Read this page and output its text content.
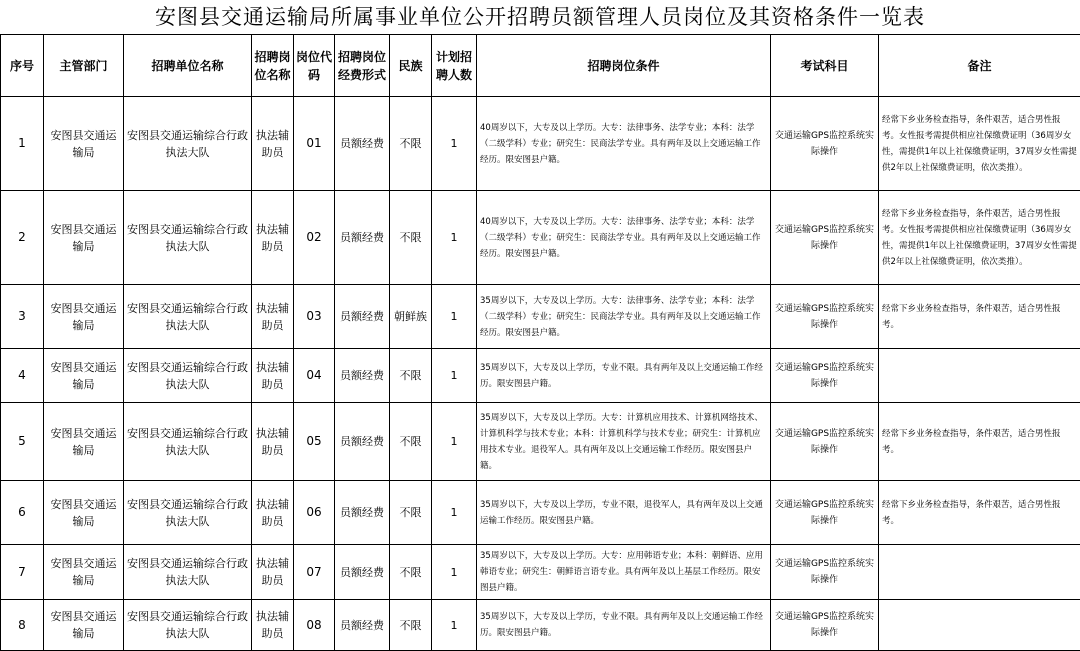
安图县交通运输局所属事业单位公开招聘员额管理人员岗位及其资格条件一览表
序号	主管部门	招聘单位名称	招聘岗位名称	岗位代码	招聘岗位经费形式	民族	计划招聘人数	招聘岗位条件	考试科目	备注
1	安图县交通运输局	安图县交通运输综合行政执法大队	执法辅助员	01	员额经费	不限	1	40周岁以下，大专及以上学历。大专：法律事务、法学专业；本科：法学（二级学科）专业；研究生：民商法学专业。具有两年及以上交通运输工作经历。限安图县户籍。	交通运输GPS监控系统实际操作	经常下乡业务检查指导，条件艰苦，适合男性报考。女性报考需提供相应社保缴费证明（36周岁女性，需提供1年以上社保缴费证明，37周岁女性需提供2年以上社保缴费证明，依次类推）。
2	安图县交通运输局	安图县交通运输综合行政执法大队	执法辅助员	02	员额经费	不限	1	40周岁以下，大专及以上学历。大专：法律事务、法学专业；本科：法学（二级学科）专业；研究生：民商法学专业。具有两年及以上交通运输工作经历。限安图县户籍。	交通运输GPS监控系统实际操作	经常下乡业务检查指导，条件艰苦，适合男性报考。女性报考需提供相应社保缴费证明（36周岁女性，需提供1年以上社保缴费证明，37周岁女性需提供2年以上社保缴费证明，依次类推）。
3	安图县交通运输局	安图县交通运输综合行政执法大队	执法辅助员	03	员额经费	朝鲜族	1	35周岁以下，大专及以上学历。大专：法律事务、法学专业；本科：法学（二级学科）专业；研究生：民商法学专业。具有两年及以上交通运输工作经历。限安图县户籍。	交通运输GPS监控系统实际操作	经常下乡业务检查指导，条件艰苦，适合男性报考。
4	安图县交通运输局	安图县交通运输综合行政执法大队	执法辅助员	04	员额经费	不限	1	35周岁以下，大专及以上学历，专业不限。具有两年及以上交通运输工作经历。限安图县户籍。	交通运输GPS监控系统实际操作	
5	安图县交通运输局	安图县交通运输综合行政执法大队	执法辅助员	05	员额经费	不限	1	35周岁以下，大专及以上学历。大专：计算机应用技术、计算机网络技术、计算机科学与技术专业；本科：计算机科学与技术专业；研究生：计算机应用技术专业。退役军人。具有两年及以上交通运输工作经历。限安图县户籍。	交通运输GPS监控系统实际操作	经常下乡业务检查指导，条件艰苦，适合男性报考。
6	安图县交通运输局	安图县交通运输综合行政执法大队	执法辅助员	06	员额经费	不限	1	35周岁以下，大专及以上学历，专业不限，退役军人，具有两年及以上交通运输工作经历。限安图县户籍。	交通运输GPS监控系统实际操作	经常下乡业务检查指导，条件艰苦，适合男性报考。
7	安图县交通运输局	安图县交通运输综合行政执法大队	执法辅助员	07	员额经费	不限	1	35周岁以下，大专及以上学历。大专：应用韩语专业；本科：朝鲜语、应用韩语专业；研究生：朝鲜语言语专业。具有两年及以上基层工作经历。限安图县户籍。	交通运输GPS监控系统实际操作	
8	安图县交通运输局	安图县交通运输综合行政执法大队	执法辅助员	08	员额经费	不限	1	35周岁以下，大专及以上学历，专业不限。具有两年及以上交通运输工作经历。限安图县户籍。	交通运输GPS监控系统实际操作	
